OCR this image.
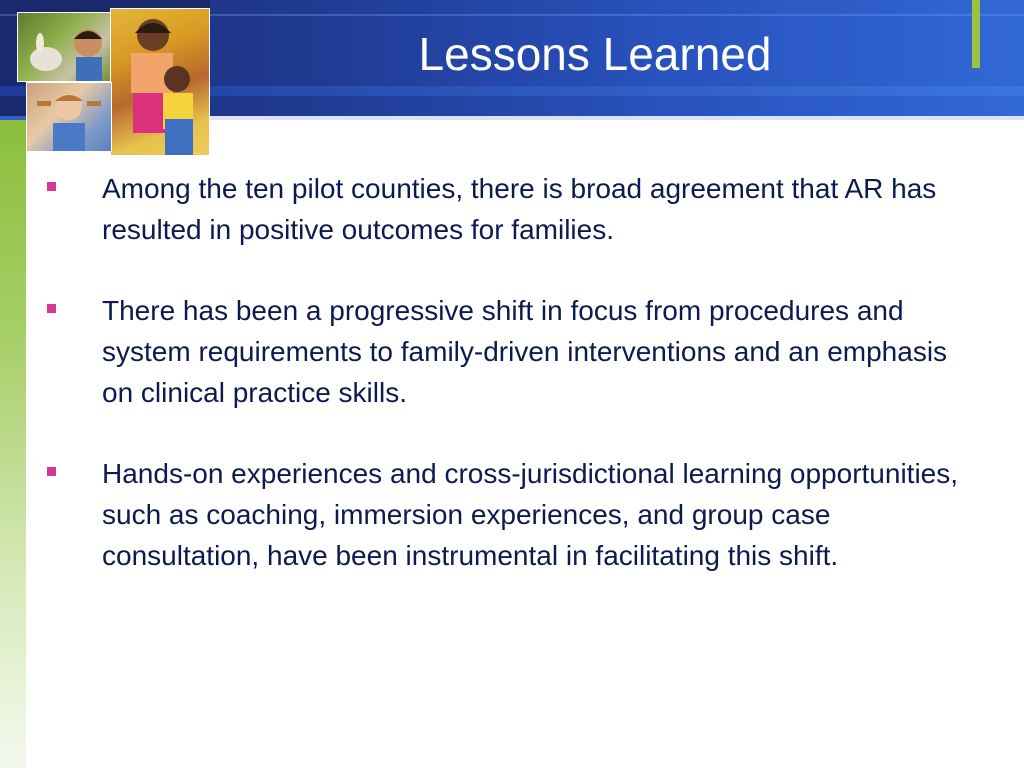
Lessons Learned
Among the ten pilot counties, there is broad agreement that AR has resulted in positive outcomes for families.
There has been a progressive shift in focus from procedures and system requirements to family-driven interventions and an emphasis on clinical practice skills.
Hands-on experiences and cross-jurisdictional learning opportunities, such as coaching, immersion experiences, and group case consultation, have been instrumental in facilitating this shift.
